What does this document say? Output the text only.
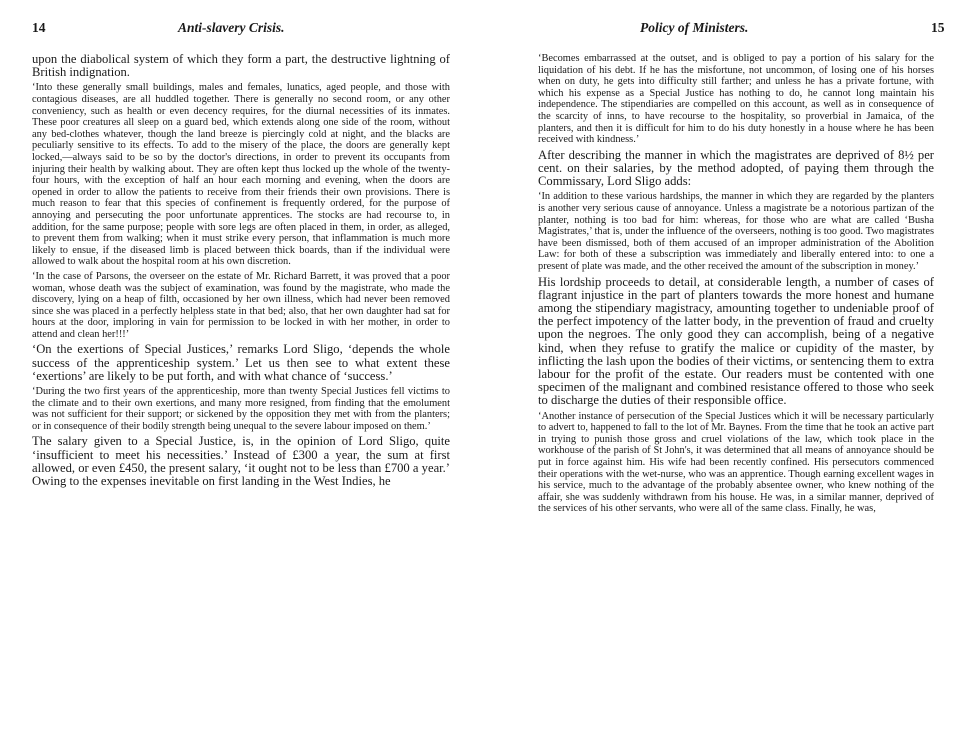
14	Anti-slavery Crisis.

upon the diabolical system of which they form a part, the destructive lightning of British indignation.

‘Into these generally small buildings, males and females, lunatics, aged people, and those with contagious diseases, are all huddled together. There is generally no second room, or any other conveniency, such as health or even decency requires, for the diurnal necessities of its inmates. These poor creatures all sleep on a guard bed, which extends along one side of the room, without any bed-clothes whatever, though the land breeze is piercingly cold at night, and the blacks are peculiarly sensitive to its effects. To add to the misery of the place, the doors are generally kept locked,—always said to be so by the doctor's directions, in order to prevent its occupants from injuring their health by walking about. They are often kept thus locked up the whole of the twenty-four hours, with the exception of half an hour each morning and evening, when the doors are opened in order to allow the patients to receive from their friends their own provisions. There is much reason to fear that this species of confinement is frequently ordered, for the purpose of annoying and persecuting the poor unfortunate apprentices. The stocks are had recourse to, in addition, for the same purpose; people with sore legs are often placed in them, in order, as alleged, to prevent them from walking; when it must strike every person, that inflammation is much more likely to ensue, if the diseased limb is placed between thick boards, than if the individual were allowed to walk about the hospital room at his own discretion.

‘In the case of Parsons, the overseer on the estate of Mr. Richard Barrett, it was proved that a poor woman, whose death was the subject of examination, was found by the magistrate, who made the discovery, lying on a heap of filth, occasioned by her own illness, which had never been removed since she was placed in a perfectly helpless state in that bed; also, that her own daughter had sat for hours at the door, imploring in vain for permission to be locked in with her mother, in order to attend and clean her!!!’

‘On the exertions of Special Justices,’ remarks Lord Sligo, ‘depends the whole success of the apprenticeship system.’ Let us then see to what extent these ‘exertions’ are likely to be put forth, and with what chance of ‘success.’

‘During the two first years of the apprenticeship, more than twenty Special Justices fell victims to the climate and to their own exertions, and many more resigned, from finding that the emolument was not sufficient for their support; or sickened by the opposition they met with from the planters; or in consequence of their bodily strength being unequal to the severe labour imposed on them.’

The salary given to a Special Justice, is, in the opinion of Lord Sligo, quite ‘insufficient to meet his necessities.’ Instead of £300 a year, the sum at first allowed, or even £450, the present salary, ‘it ought not to be less than £700 a year.’ Owing to the expenses inevitable on first landing in the West Indies, he

Policy of Ministers.	15

‘Becomes embarrassed at the outset, and is obliged to pay a portion of his salary for the liquidation of his debt. If he has the misfortune, not uncommon, of losing one of his horses when on duty, he gets into difficulty still farther; and unless he has a private fortune, with which his expense as a Special Justice has nothing to do, he cannot long maintain his independence. The stipendiaries are compelled on this account, as well as in consequence of the scarcity of inns, to have recourse to the hospitality, so proverbial in Jamaica, of the planters, and then it is difficult for him to do his duty honestly in a house where he has been received with kindness.’

After describing the manner in which the magistrates are deprived of 8½ per cent. on their salaries, by the method adopted, of paying them through the Commissary, Lord Sligo adds:

‘In addition to these various hardships, the manner in which they are regarded by the planters is another very serious cause of annoyance. Unless a magistrate be a notorious partizan of the planter, nothing is too bad for him: whereas, for those who are what are called ‘Busha Magistrates,’ that is, under the influence of the overseers, nothing is too good. Two magistrates have been dismissed, both of them accused of an improper administration of the Abolition Law: for both of these a subscription was immediately and liberally entered into: to one a present of plate was made, and the other received the amount of the subscription in money.’

His lordship proceeds to detail, at considerable length, a number of cases of flagrant injustice in the part of planters towards the more honest and humane among the stipendiary magistracy, amounting together to undeniable proof of the perfect impotency of the latter body, in the prevention of fraud and cruelty upon the negroes. The only good they can accomplish, being of a negative kind, when they refuse to gratify the malice or cupidity of the master, by inflicting the lash upon the bodies of their victims, or sentencing them to extra labour for the profit of the estate. Our readers must be contented with one specimen of the malignant and combined resistance offered to those who seek to discharge the duties of their responsible office.

‘Another instance of persecution of the Special Justices which it will be necessary particularly to advert to, happened to fall to the lot of Mr. Baynes. From the time that he took an active part in trying to punish those gross and cruel violations of the law, which took place in the workhouse of the parish of St John's, it was determined that all means of annoyance should be put in force against him. His wife had been recently confined. His persecutors commenced their operations with the wet-nurse, who was an apprentice. Though earning excellent wages in his service, much to the advantage of the probably absentee owner, who knew nothing of the affair, she was suddenly withdrawn from his house. He was, in a similar manner, deprived of the services of his other servants, who were all of the same class. Finally, he was,
